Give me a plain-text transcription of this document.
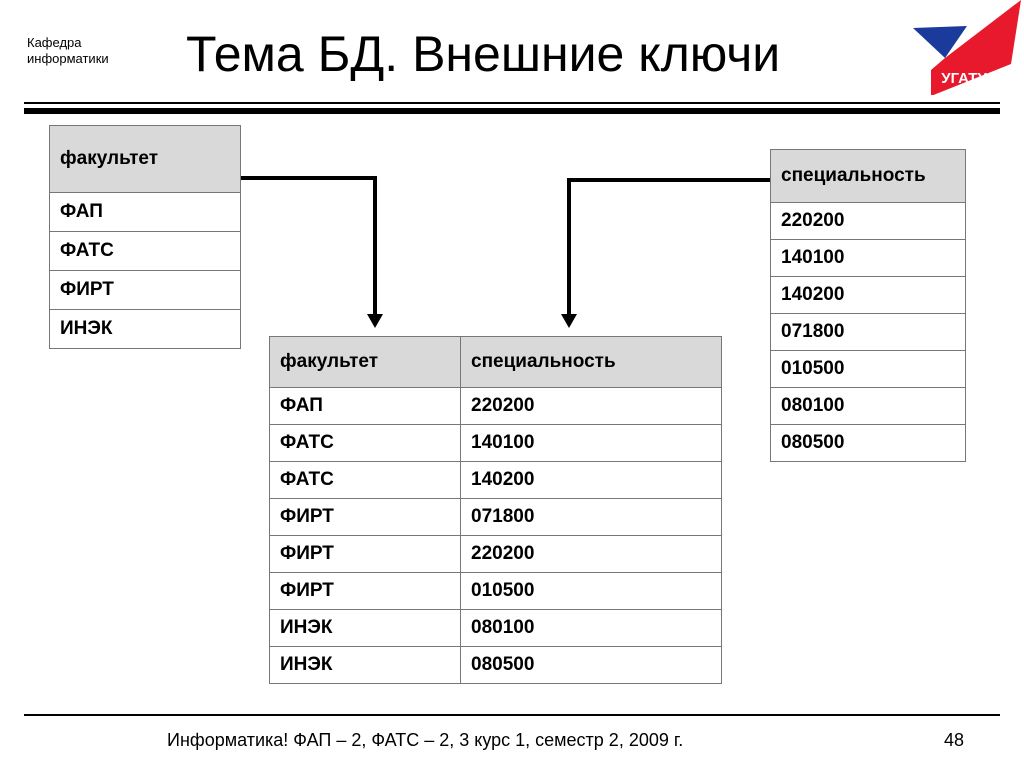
Кафедра
информатики Тема БД. Внешние ключи	УГАТУ
факультет
ФАП
ФАТС
ФИРТ
ИНЭК
специальность
220200
140100
140200
071800
010500
080100
080500
факультет	специальность
ФАП	220200
ФАТС	140100
ФАТС	140200
ФИРТ	071800
ФИРТ	220200
ФИРТ	010500
ИНЭК	080100
ИНЭК	080500
Информатика! ФАП – 2, ФАТС – 2, 3 курс 1, семестр 2, 2009 г.	48
